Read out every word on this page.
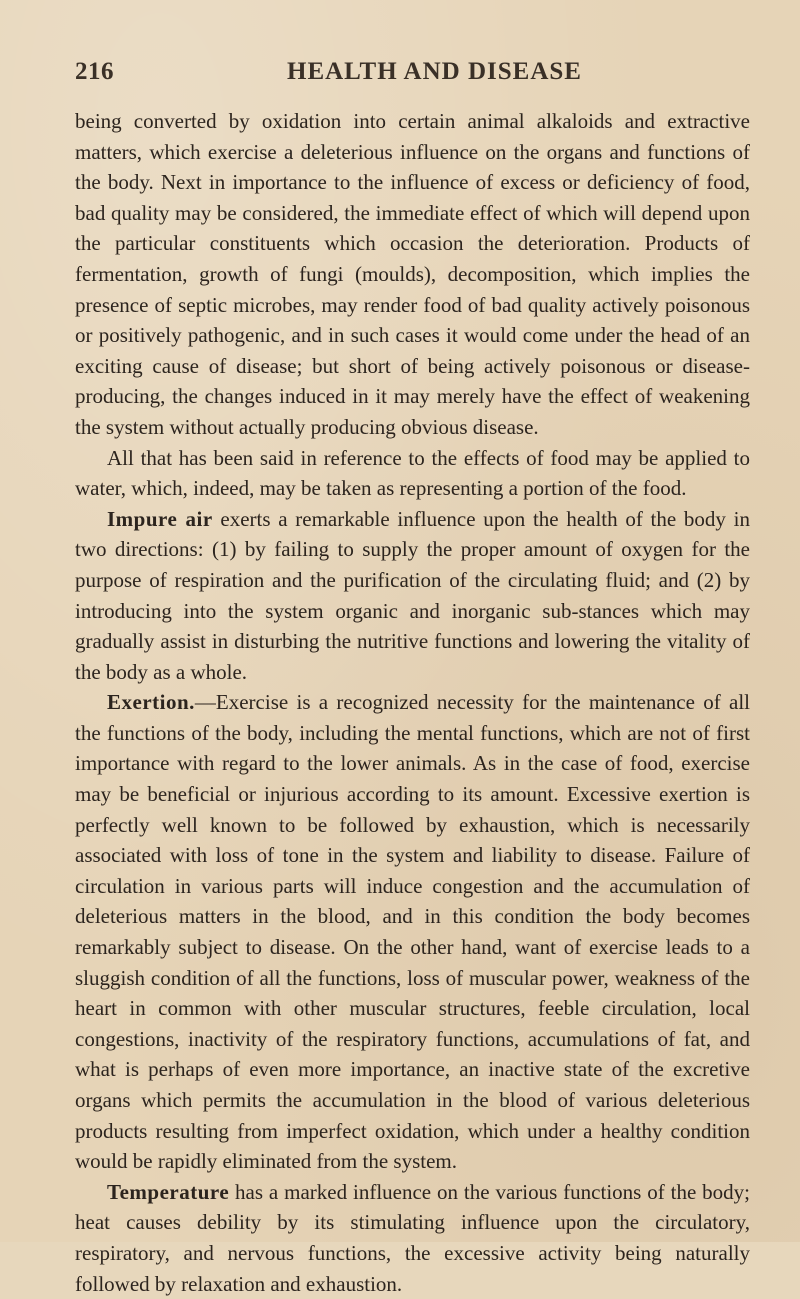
216	HEALTH AND DISEASE

being converted by oxidation into certain animal alkaloids and extractive matters, which exercise a deleterious influence on the organs and functions of the body. Next in importance to the influence of excess or deficiency of food, bad quality may be considered, the immediate effect of which will depend upon the particular constituents which occasion the deterioration. Products of fermentation, growth of fungi (moulds), decomposition, which implies the presence of septic microbes, may render food of bad quality actively poisonous or positively pathogenic, and in such cases it would come under the head of an exciting cause of disease; but short of being actively poisonous or disease-producing, the changes induced in it may merely have the effect of weakening the system without actually producing obvious disease.

All that has been said in reference to the effects of food may be applied to water, which, indeed, may be taken as representing a portion of the food.

Impure air exerts a remarkable influence upon the health of the body in two directions: (1) by failing to supply the proper amount of oxygen for the purpose of respiration and the purification of the circulating fluid; and (2) by introducing into the system organic and inorganic sub-stances which may gradually assist in disturbing the nutritive functions and lowering the vitality of the body as a whole.

Exertion.—Exercise is a recognized necessity for the maintenance of all the functions of the body, including the mental functions, which are not of first importance with regard to the lower animals. As in the case of food, exercise may be beneficial or injurious according to its amount. Excessive exertion is perfectly well known to be followed by exhaustion, which is necessarily associated with loss of tone in the system and liability to disease. Failure of circulation in various parts will induce congestion and the accumulation of deleterious matters in the blood, and in this condition the body becomes remarkably subject to disease. On the other hand, want of exercise leads to a sluggish condition of all the functions, loss of muscular power, weakness of the heart in common with other muscular structures, feeble circulation, local congestions, inactivity of the respiratory functions, accumulations of fat, and what is perhaps of even more importance, an inactive state of the excretive organs which permits the accumulation in the blood of various deleterious products resulting from imperfect oxidation, which under a healthy condition would be rapidly eliminated from the system.

Temperature has a marked influence on the various functions of the body; heat causes debility by its stimulating influence upon the circulatory, respiratory, and nervous functions, the excessive activity being naturally followed by relaxation and exhaustion.
